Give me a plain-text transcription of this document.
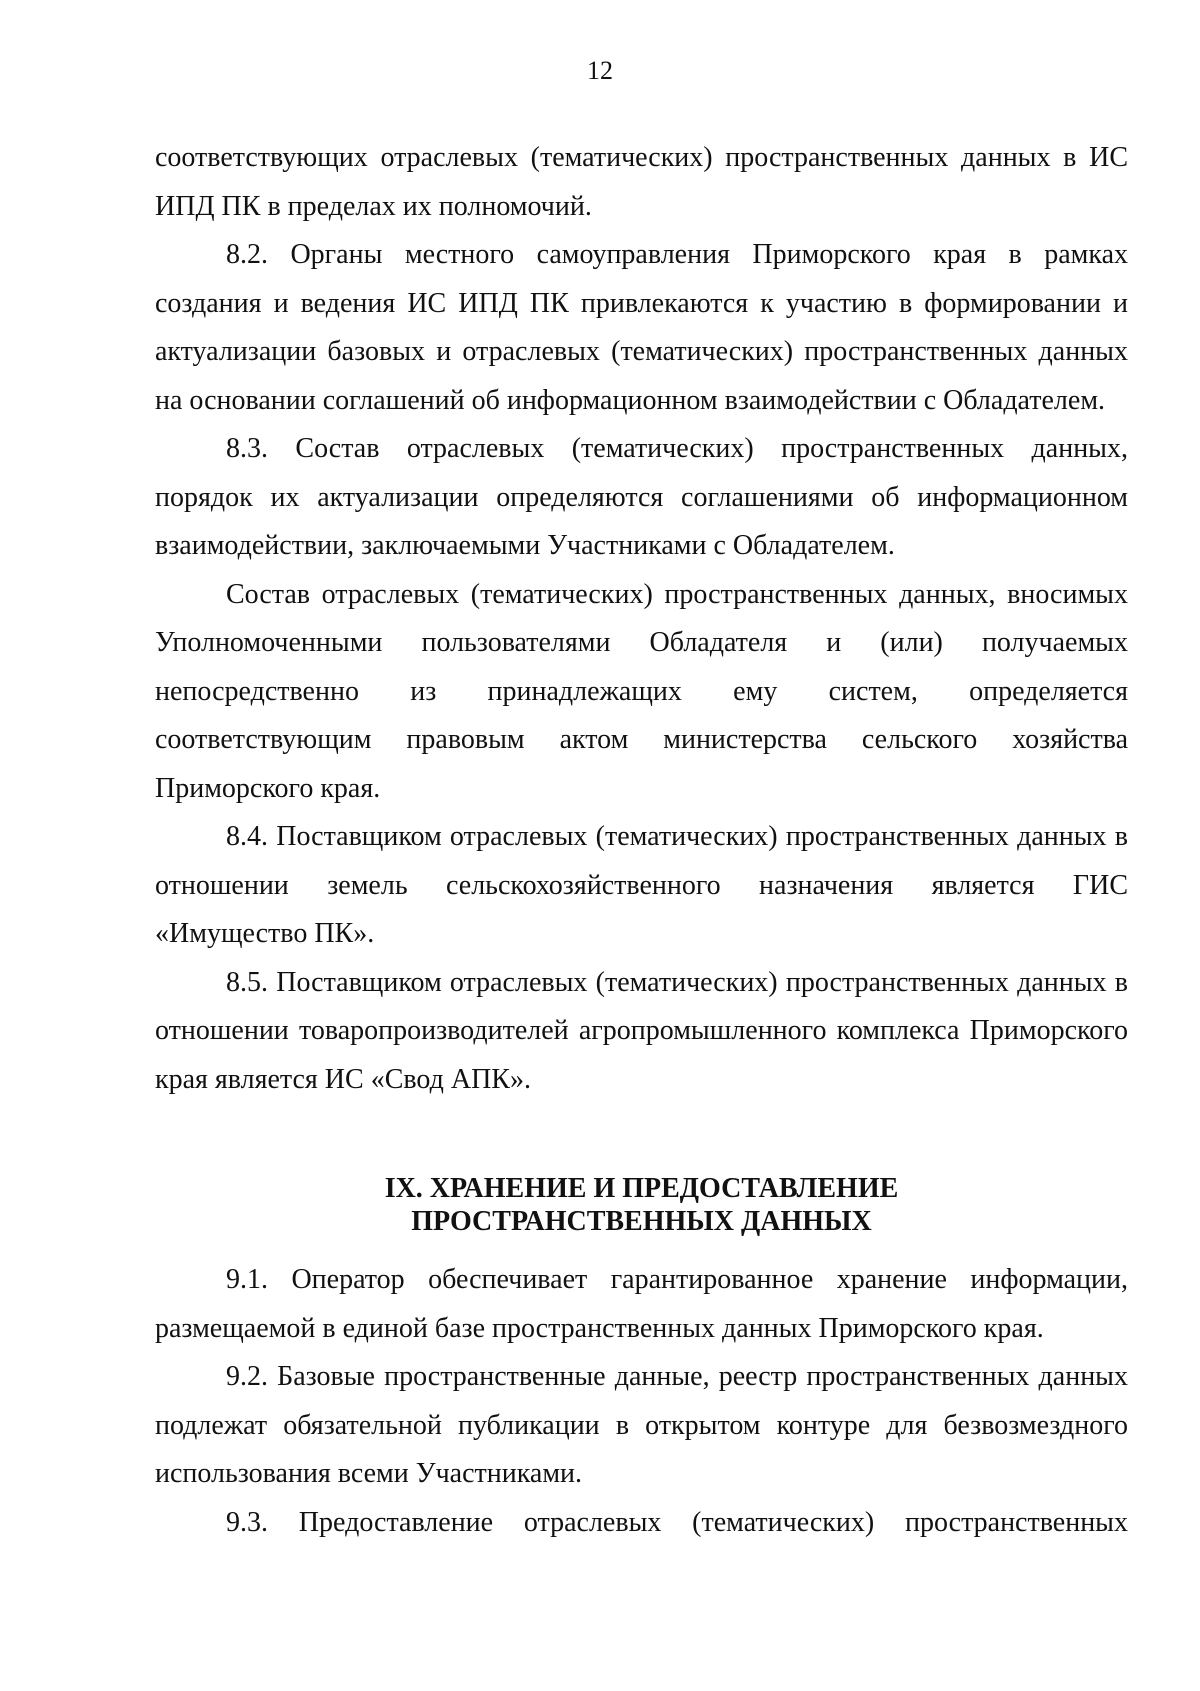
12

соответствующих отраслевых (тематических) пространственных данных в ИС ИПД ПК в пределах их полномочий.

8.2. Органы местного самоуправления Приморского края в рамках создания и ведения ИС ИПД ПК привлекаются к участию в формировании и актуализации базовых и отраслевых (тематических) пространственных данных на основании соглашений об информационном взаимодействии с Обладателем.

8.3. Состав отраслевых (тематических) пространственных данных, порядок их актуализации определяются соглашениями об информационном взаимодействии, заключаемыми Участниками с Обладателем.

Состав отраслевых (тематических) пространственных данных, вносимых Уполномоченными пользователями Обладателя и (или) получаемых непосредственно из принадлежащих ему систем, определяется соответствующим правовым актом министерства сельского хозяйства Приморского края.

8.4. Поставщиком отраслевых (тематических) пространственных данных в отношении земель сельскохозяйственного назначения является ГИС «Имущество ПК».

8.5. Поставщиком отраслевых (тематических) пространственных данных в отношении товаропроизводителей агропромышленного комплекса Приморского края является ИС «Свод АПК».

IX. ХРАНЕНИЕ И ПРЕДОСТАВЛЕНИЕ
ПРОСТРАНСТВЕННЫХ ДАННЫХ

9.1. Оператор обеспечивает гарантированное хранение информации, размещаемой в единой базе пространственных данных Приморского края.

9.2. Базовые пространственные данные, реестр пространственных данных подлежат обязательной публикации в открытом контуре для безвозмездного использования всеми Участниками.

9.3. Предоставление отраслевых (тематических) пространственных
